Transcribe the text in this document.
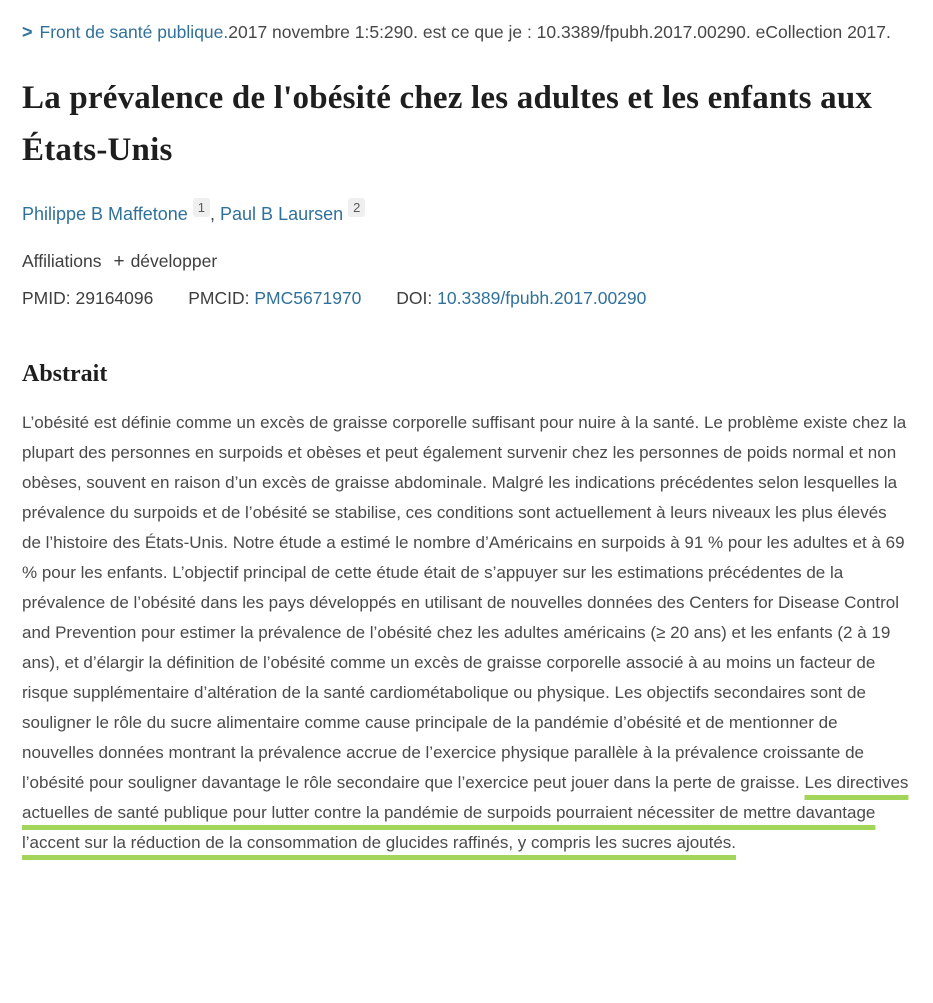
> Front de santé publique.2017 novembre 1:5:290. est ce que je : 10.3389/fpubh.2017.00290. eCollection 2017.
La prévalence de l'obésité chez les adultes et les enfants aux États-Unis
Philippe B Maffetone 1 , Paul B Laursen 2
Affiliations + développer
PMID: 29164096 PMCID: PMC5671970 DOI: 10.3389/fpubh.2017.00290
Abstrait

L’obésité est définie comme un excès de graisse corporelle suffisant pour nuire à la santé. Le problème existe chez la plupart des personnes en surpoids et obèses et peut également survenir chez les personnes de poids normal et non obèses, souvent en raison d’un excès de graisse abdominale. Malgré les indications précédentes selon lesquelles la prévalence du surpoids et de l’obésité se stabilise, ces conditions sont actuellement à leurs niveaux les plus élevés de l’histoire des États-Unis. Notre étude a estimé le nombre d’Américains en surpoids à 91 % pour les adultes et à 69 % pour les enfants. L’objectif principal de cette étude était de s’appuyer sur les estimations précédentes de la prévalence de l’obésité dans les pays développés en utilisant de nouvelles données des Centers for Disease Control and Prevention pour estimer la prévalence de l’obésité chez les adultes américains (≥ 20 ans) et les enfants (2 à 19 ans), et d’élargir la définition de l’obésité comme un excès de graisse corporelle associé à au moins un facteur de risque supplémentaire d’altération de la santé cardiométabolique ou physique. Les objectifs secondaires sont de souligner le rôle du sucre alimentaire comme cause principale de la pandémie d’obésité et de mentionner de nouvelles données montrant la prévalence accrue de l’exercice physique parallèle à la prévalence croissante de l’obésité pour souligner davantage le rôle secondaire que l’exercice peut jouer dans la perte de graisse. Les directives actuelles de santé publique pour lutter contre la pandémie de surpoids pourraient nécessiter de mettre davantage l’accent sur la réduction de la consommation de glucides raffinés, y compris les sucres ajoutés.
